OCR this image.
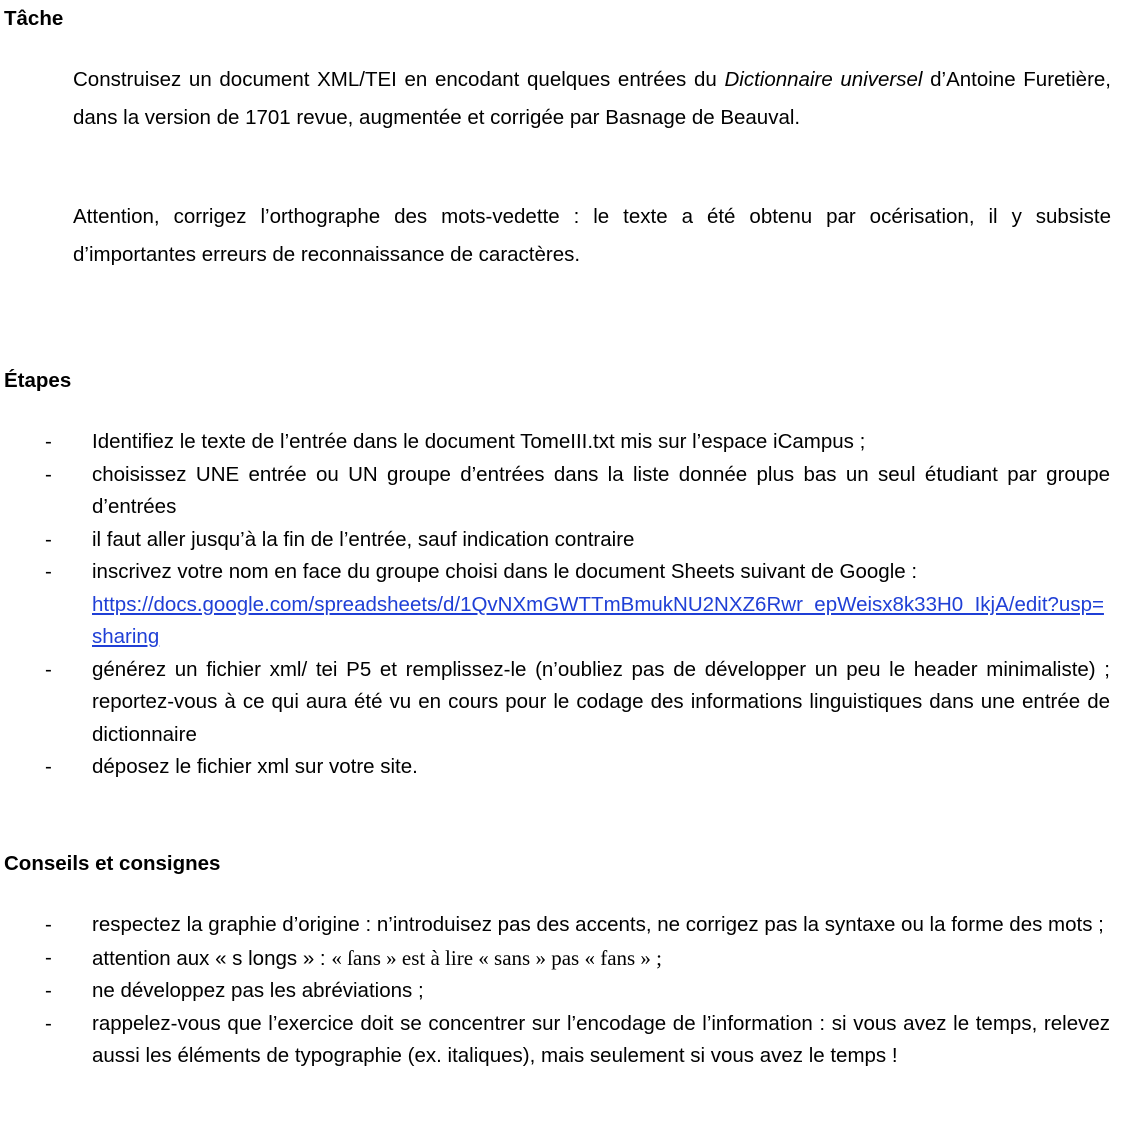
Tâche

Construisez un document XML/TEI en encodant quelques entrées du Dictionnaire universel d’Antoine Furetière, dans la version de 1701 revue, augmentée et corrigée par Basnage de Beauval.

Attention, corrigez l’orthographe des mots-vedette : le texte a été obtenu par océrisation, il y subsiste d’importantes erreurs de reconnaissance de caractères.

Étapes
- Identifiez le texte de l’entrée dans le document TomeIII.txt mis sur l’espace iCampus ;
- choisissez UNE entrée ou UN groupe d’entrées dans la liste donnée plus bas un seul étudiant par groupe d’entrées
- il faut aller jusqu’à la fin de l’entrée, sauf indication contraire
- inscrivez votre nom en face du groupe choisi dans le document Sheets suivant de Google :
https://docs.google.com/spreadsheets/d/1QvNXmGWTTmBmukNU2NXZ6Rwr_epWeisx8k33H0_IkjA/edit?usp=sharing
- générez un fichier xml/ tei P5 et remplissez-le (n’oubliez pas de développer un peu le header minimaliste) ; reportez-vous à ce qui aura été vu en cours pour le codage des informations linguistiques dans une entrée de dictionnaire
- déposez le fichier xml sur votre site.
Conseils et consignes
- respectez la graphie d’origine : n’introduisez pas des accents, ne corrigez pas la syntaxe ou la forme des mots ;
- attention aux « s longs » : « ſans » est à lire « sans » pas « fans » ;
- ne développez pas les abréviations ;
- rappelez-vous que l’exercice doit se concentrer sur l’encodage de l’information : si vous avez le temps, relevez aussi les éléments de typographie (ex. italiques), mais seulement si vous avez le temps !
